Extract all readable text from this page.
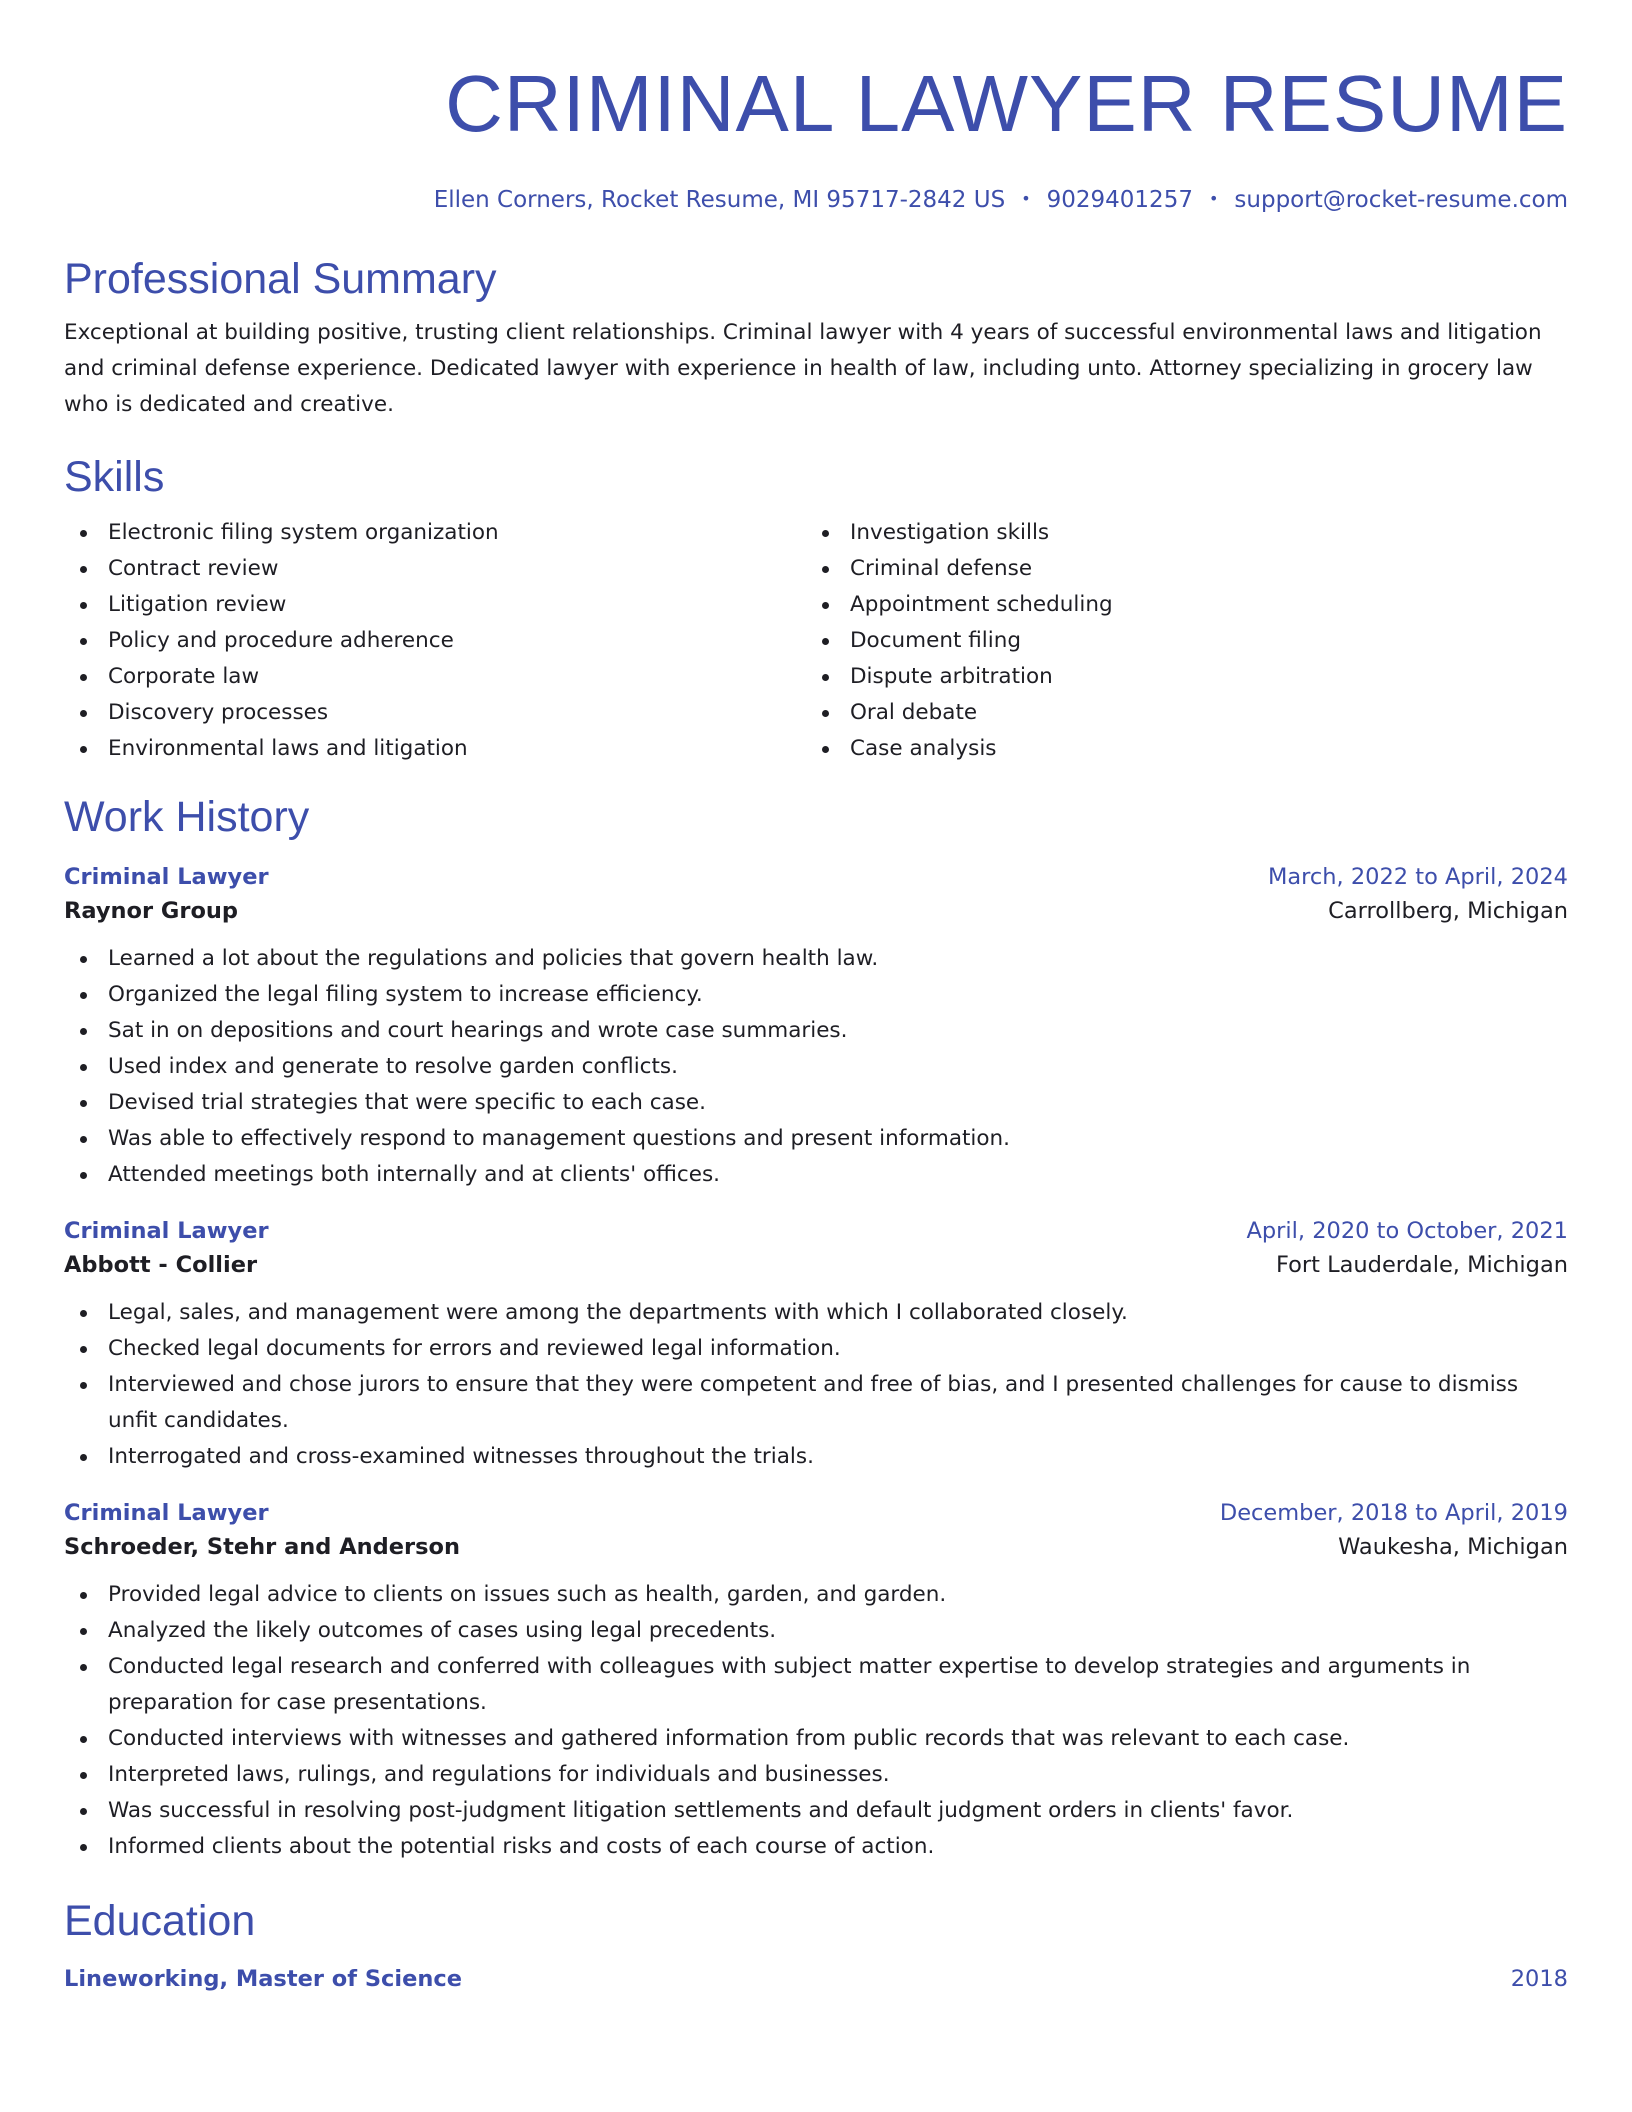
CRIMINAL LAWYER RESUME
Ellen Corners, Rocket Resume, MI 95717-2842 US • 9029401257 • support@rocket-resume.com
Professional Summary

Exceptional at building positive, trusting client relationships. Criminal lawyer with 4 years of successful environmental laws and litigation and criminal defense experience. Dedicated lawyer with experience in health of law, including unto. Attorney specializing in grocery law who is dedicated and creative.

Skills
Electronic filing system organization
Contract review
Litigation review
Policy and procedure adherence
Corporate law
Discovery processes
Environmental laws and litigation
Investigation skills
Criminal defense
Appointment scheduling
Document filing
Dispute arbitration
Oral debate
Case analysis
Work History
Criminal Lawyer	March, 2022 to April, 2024
Raynor Group	Carrollberg, Michigan
Learned a lot about the regulations and policies that govern health law.
Organized the legal filing system to increase efficiency.
Sat in on depositions and court hearings and wrote case summaries.
Used index and generate to resolve garden conflicts.
Devised trial strategies that were specific to each case.
Was able to effectively respond to management questions and present information.
Attended meetings both internally and at clients' offices.
Criminal Lawyer	April, 2020 to October, 2021
Abbott - Collier	Fort Lauderdale, Michigan
Legal, sales, and management were among the departments with which I collaborated closely.
Checked legal documents for errors and reviewed legal information.
Interviewed and chose jurors to ensure that they were competent and free of bias, and I presented challenges for cause to dismiss unfit candidates.
Interrogated and cross-examined witnesses throughout the trials.
Criminal Lawyer	December, 2018 to April, 2019
Schroeder, Stehr and Anderson	Waukesha, Michigan
Provided legal advice to clients on issues such as health, garden, and garden.
Analyzed the likely outcomes of cases using legal precedents.
Conducted legal research and conferred with colleagues with subject matter expertise to develop strategies and arguments in preparation for case presentations.
Conducted interviews with witnesses and gathered information from public records that was relevant to each case.
Interpreted laws, rulings, and regulations for individuals and businesses.
Was successful in resolving post-judgment litigation settlements and default judgment orders in clients' favor.
Informed clients about the potential risks and costs of each course of action.
Education
Lineworking, Master of Science	2018
